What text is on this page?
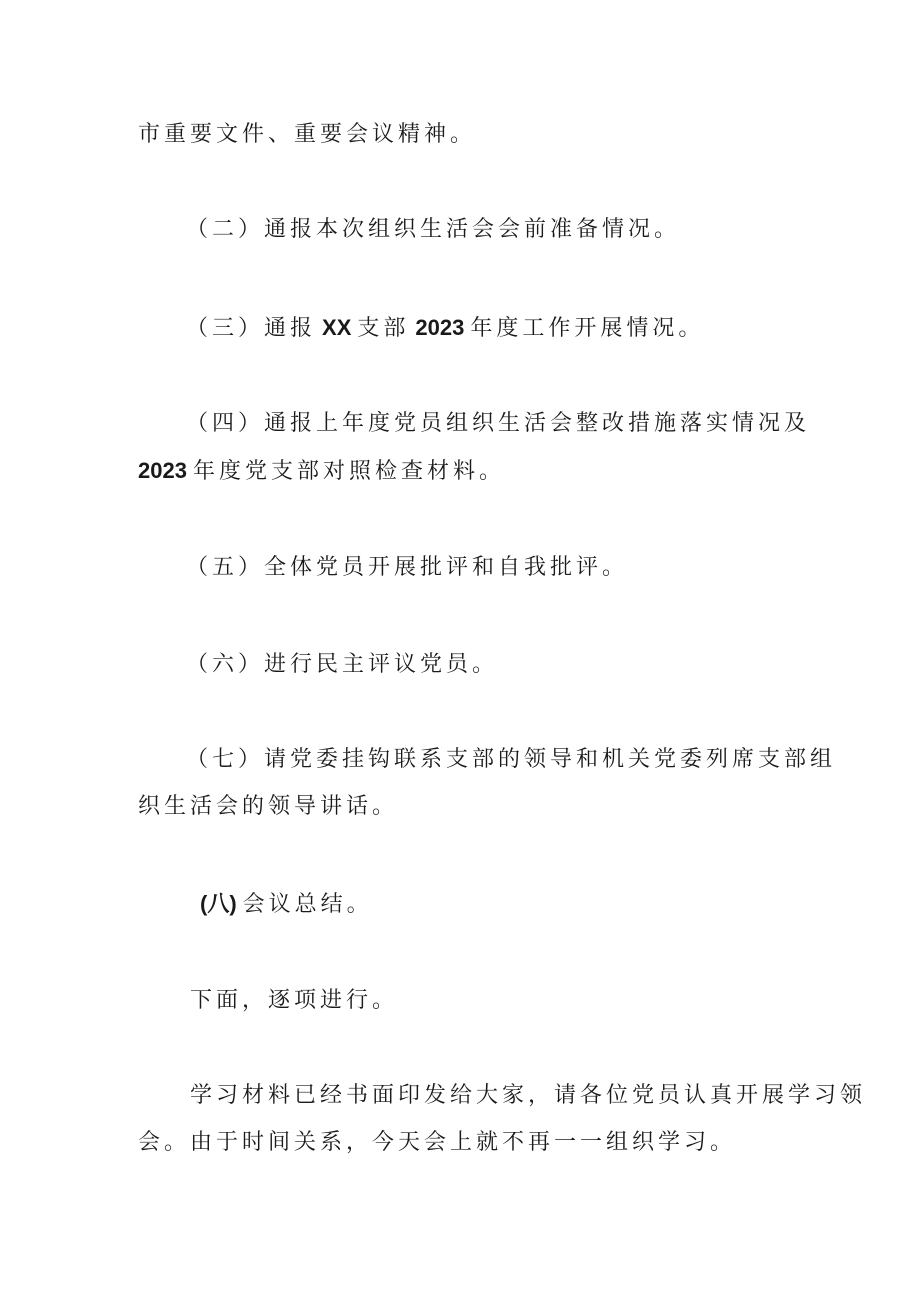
市重要文件、重要会议精神。
（二）通报本次组织生活会会前准备情况。
（三）通报 XX 支部 2023 年度工作开展情况。
（四）通报上年度党员组织生活会整改措施落实情况及
2023 年度党支部对照检查材料。
（五）全体党员开展批评和自我批评。
（六）进行民主评议党员。
（七）请党委挂钩联系支部的领导和机关党委列席支部组
织生活会的领导讲话。
(八) 会议总结。
下面，逐项进行。
学习材料已经书面印发给大家，请各位党员认真开展学习领
会。由于时间关系，今天会上就不再一一组织学习。
